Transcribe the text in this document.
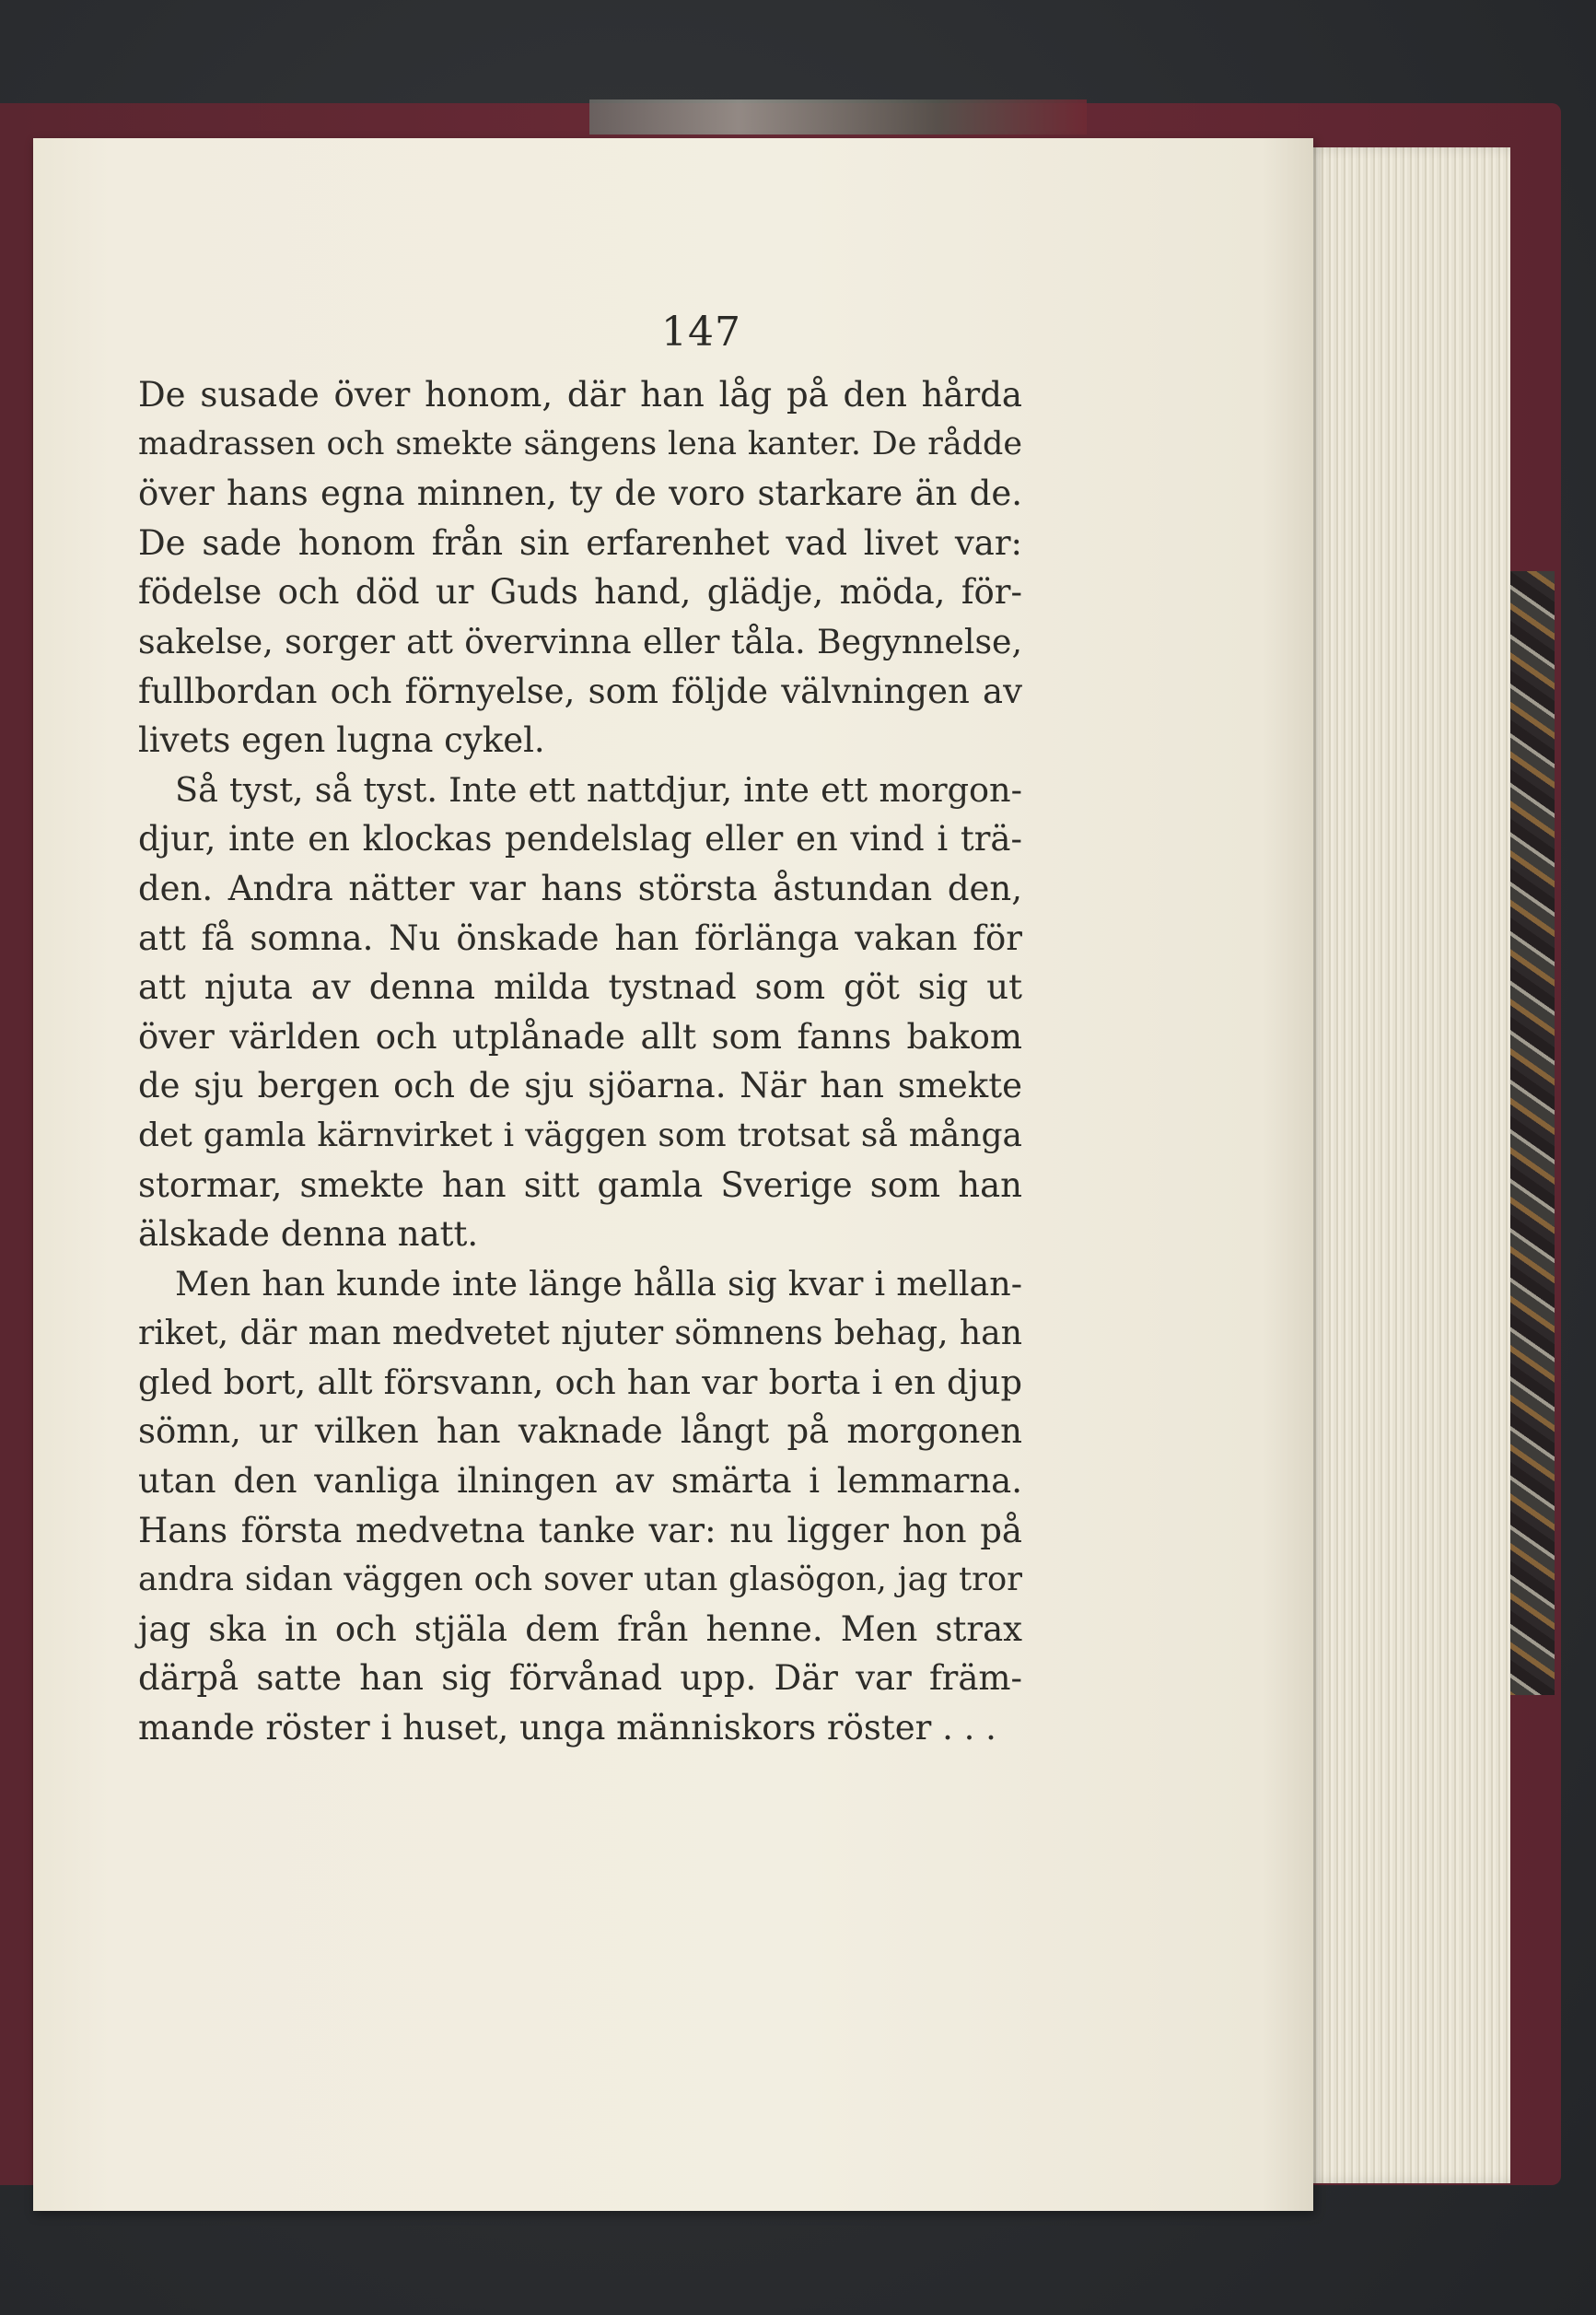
147
De susade över honom, där han låg på den hårda
madrassen och smekte sängens lena kanter. De rådde
över hans egna minnen, ty de voro starkare än de.
De sade honom från sin erfarenhet vad livet var:
födelse och död ur Guds hand, glädje, möda, för-
sakelse, sorger att övervinna eller tåla. Begynnelse,
fullbordan och förnyelse, som följde välvningen av
livets egen lugna cykel.
Så tyst, så tyst. Inte ett nattdjur, inte ett morgon-
djur, inte en klockas pendelslag eller en vind i trä-
den. Andra nätter var hans största åstundan den,
att få somna. Nu önskade han förlänga vakan för
att njuta av denna milda tystnad som göt sig ut
över världen och utplånade allt som fanns bakom
de sju bergen och de sju sjöarna. När han smekte
det gamla kärnvirket i väggen som trotsat så många
stormar, smekte han sitt gamla Sverige som han
älskade denna natt.
Men han kunde inte länge hålla sig kvar i mellan-
riket, där man medvetet njuter sömnens behag, han
gled bort, allt försvann, och han var borta i en djup
sömn, ur vilken han vaknade långt på morgonen
utan den vanliga ilningen av smärta i lemmarna.
Hans första medvetna tanke var: nu ligger hon på
andra sidan väggen och sover utan glasögon, jag tror
jag ska in och stjäla dem från henne. Men strax
därpå satte han sig förvånad upp. Där var främ-
mande röster i huset, unga människors röster . . .
